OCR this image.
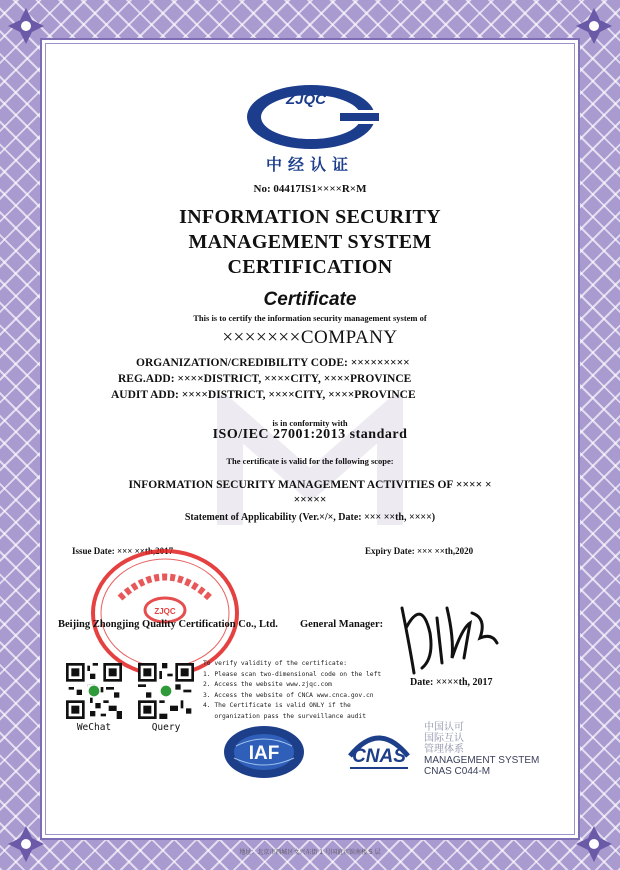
ZJQC
中经认证
No: 04417IS1××××R×M
INFORMATION SECURITY
MANAGEMENT SYSTEM
CERTIFICATION
Certificate
This is to certify the information security management system of
×××××××COMPANY
ORGANIZATION/CREDIBILITY CODE: ×××××××××
REG.ADD: ××××DISTRICT, ××××CITY, ××××PROVINCE
AUDIT ADD: ××××DISTRICT, ××××CITY, ××××PROVINCE
is in conformity with
ISO/IEC 27001:2013 standard
The certificate is valid for the following scope:
INFORMATION SECURITY MANAGEMENT ACTIVITIES OF ×××× ×
×××××
Statement of Applicability (Ver.×/×, Date: ××× ××th, ××××)
Issue Date: ××× ××th,2017	Expiry Date: ××× ××th,2020
ZJQC
Beijing Zhongjing Quality Certification Co., Ltd. General Manager:
Date: ××××th, 2017
WeChat	Query
To verify validity of the certificate:
1. Please scan two-dimensional code on the left
2. Access the website www.zjqc.com
3. Access the website of CNCA www.cnca.gov.cn
4. The Certificate is valid ONLY if the
organization pass the surveillance audit
IAF	CNAS
中国认可
国际互认
管理体系
MANAGEMENT SYSTEM
CNAS C044-M
地址：北京市西城区文兴东街 1 号国谊宾馆南楼 5 层
